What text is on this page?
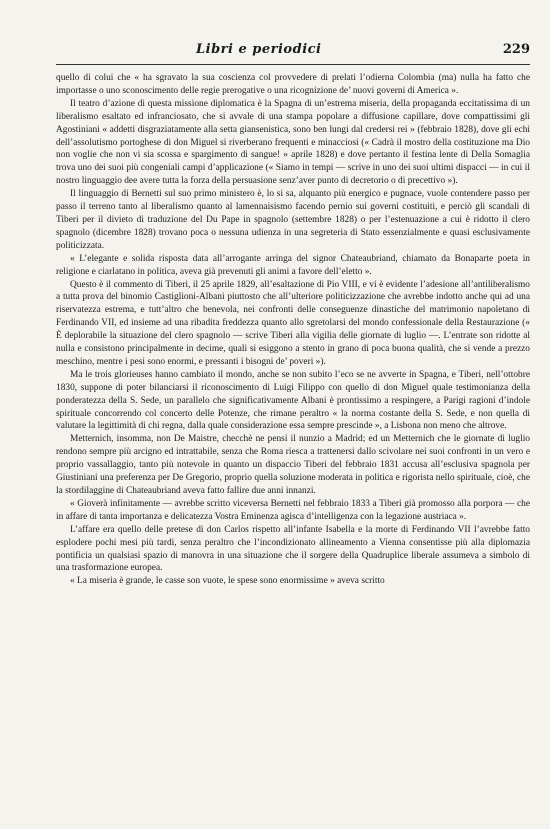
Libri e periodici	229

quello di colui che « ha sgravato la sua coscienza col provvedere di prelati l’odierna Colombia (ma) nulla ha fatto che importasse o uno sconoscimento delle regie prerogative o una ricognizione de’ nuovi governi di America ».

Il teatro d’azione di questa missione diplomatica è la Spagna di un’estrema miseria, della propaganda eccitatissima di un liberalismo esaltato ed infranciosato, che si avvale di una stampa popolare a diffusione capillare, dove compattissimi gli Agostiniani « addetti disgraziatamente alla setta giansenistica, sono ben lungi dal credersi rei » (febbraio 1828), dove gli echi dell’assolutismo portoghese di don Miguel si riverberano frequenti e minacciosi (« Cadrà il mostro della costituzione ma Dio non voglie che non vi sia scossa e spargimento di sangue! » aprile 1828) e dove pertanto il festina lente di Della Somaglia trova uno dei suoi più congeniali campi d’applicazione (« Siamo in tempi — scrive in uno dei suoi ultimi dispacci — in cui il nostro linguaggio dee avere tutta la forza della persuasione senz’aver punto di decretorio o di precettivo »).

Il linguaggio di Bernetti sul suo primo ministero è, lo si sa, alquanto più energico e pugnace, vuole contendere passo per passo il terreno tanto al liberalismo quanto al lamennaisismo facendo pernio sui governi costituiti, e perciò gli scandali di Tiberi per il divieto di traduzione del Du Pape in spagnolo (settembre 1828) o per l’estenuazione a cui è ridotto il clero spagnolo (dicembre 1828) trovano poca o nessuna udienza in una segreteria di Stato essenzialmente e quasi esclusivamente politicizzata.

« L’elegante e solida risposta data all’arrogante arringa del signor Chateaubriand, chiamato da Bonaparte poeta in religione e ciarlatano in politica, aveva già prevenuti gli animi a favore dell’eletto ».

Questo è il commento di Tiberi, il 25 aprile 1829, all’esaltazione di Pio VIII, e vi è evidente l’adesione all’antiliberalismo a tutta prova del binomio Castiglioni-Albani piuttosto che all’ulteriore politicizzazione che avrebbe indotto anche qui ad una riservatezza estrema, e tutt’altro che benevola, nei confronti delle conseguenze dinastiche del matrimonio napoletano di Ferdinando VII, ed insieme ad una ribadita freddezza quanto allo sgretolarsi del mondo confessionale della Restaurazione (« È deplorabile la situazione del clero spagnolo — scrive Tiberi alla vigilia delle giornate di luglio —. L’entrate son ridotte al nulla e consistono principalmente in decime, quali si esiggono a stento in grano di poca buona qualità, che si vende a prezzo meschino, mentre i pesi sono enormi, e pressanti i bisogni de’ poveri »).

Ma le trois glorieuses hanno cambiato il mondo, anche se non subito l’eco se ne avverte in Spagna, e Tiberi, nell’ottobre 1830, suppone di poter bilanciarsi il riconoscimento di Luigi Filippo con quello di don Miguel quale testimonianza della ponderatezza della S. Sede, un parallelo che significativamente Albani è prontissimo a respingere, a Parigi ragioni d’indole spirituale concorrendo col concerto delle Potenze, che rimane peraltro « la norma costante della S. Sede, e non quella di valutare la legittimità di chi regna, dalla quale considerazione essa sempre prescinde », a Lisbona non meno che altrove.

Metternich, insomma, non De Maistre, checchè ne pensi il nunzio a Madrid; ed un Metternich che le giornate di luglio rendono sempre più arcigno ed intrattabile, senza che Roma riesca a trattenersi dallo scivolare nei suoi confronti in un vero e proprio vassallaggio, tanto più notevole in quanto un dispaccio Tiberi del febbraio 1831 accusa all’esclusiva spagnola per Giustiniani una preferenza per De Gregorio, proprio quella soluzione moderata in politica e rigorista nello spirituale, cioè, che la stordilaggine di Chateaubriand aveva fatto fallire due anni innanzi.

« Gioverà infinitamente — avrebbe scritto viceversa Bernetti nel febbraio 1833 a Tiberi già promosso alla porpora — che in affare di tanta importanza e delicatezza Vostra Eminenza agisca d’intelligenza con la legazione austriaca ».

L’affare era quello delle pretese di don Carlos rispetto all’infante Isabella e la morte di Ferdinando VII l’avrebbe fatto esplodere pochi mesi più tardi, senza peraltro che l’incondizionato allineamento a Vienna consentisse più alla diplomazia pontificia un qualsiasi spazio di manovra in una situazione che il sorgere della Quadruplice liberale assumeva a simbolo di una trasformazione europea.

« La miseria è grande, le casse son vuote, le spese sono enormissime » aveva scritto
